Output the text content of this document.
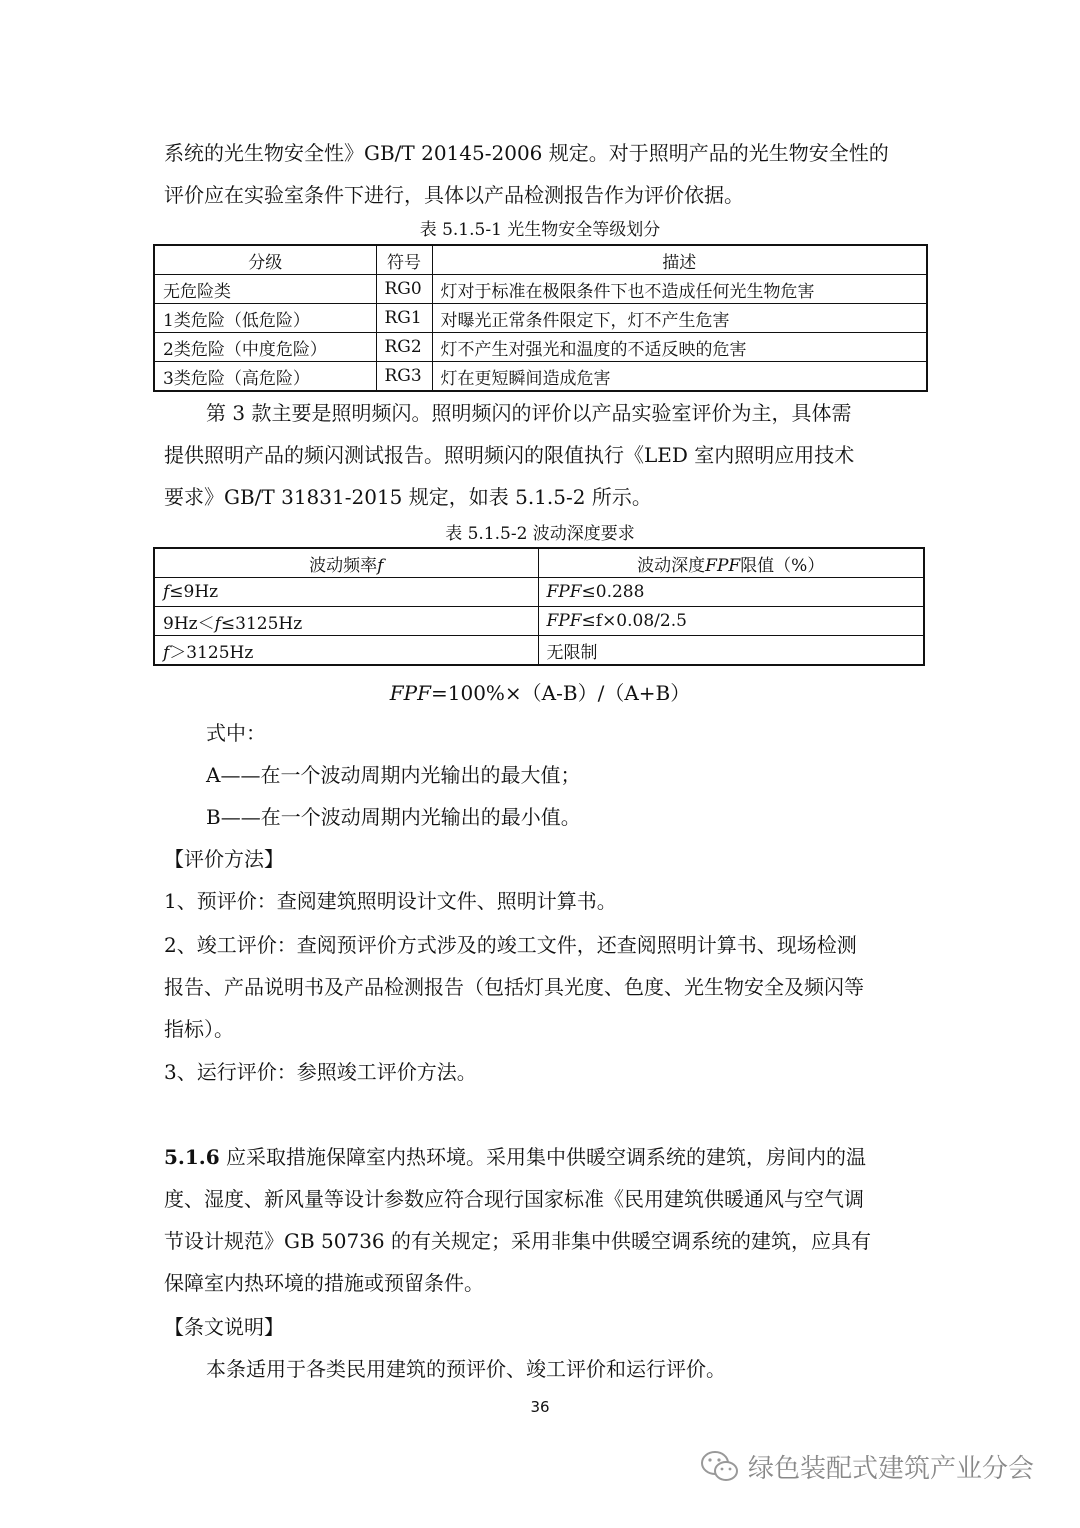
系统的光生物安全性》GB/T 20145-2006 规定。对于照明产品的光生物安全性的

评价应在实验室条件下进行，具体以产品检测报告作为评价依据。

表 5.1.5-1 光生物安全等级划分
分级	符号	描述
无危险类	RG0	灯对于标准在极限条件下也不造成任何光生物危害
1类危险（低危险）	RG1	对曝光正常条件限定下，灯不产生危害
2类危险（中度危险）	RG2	灯不产生对强光和温度的不适反映的危害
3类危险（高危险）	RG3	灯在更短瞬间造成危害

第 3 款主要是照明频闪。照明频闪的评价以产品实验室评价为主，具体需

提供照明产品的频闪测试报告。照明频闪的限值执行《LED 室内照明应用技术

要求》GB/T 31831-2015 规定，如表 5.1.5-2 所示。

表 5.1.5-2 波动深度要求
波动频率f	波动深度FPF限值（%）
f≤9Hz	FPF≤0.288
9Hz＜f≤3125Hz	FPF≤f×0.08/2.5
f＞3125Hz	无限制
FPF=100%×（A-B）/（A+B）

式中：

A——在一个波动周期内光输出的最大值；

B——在一个波动周期内光输出的最小值。

【评价方法】

1、预评价：查阅建筑照明设计文件、照明计算书。

2、竣工评价：查阅预评价方式涉及的竣工文件，还查阅照明计算书、现场检测

报告、产品说明书及产品检测报告（包括灯具光度、色度、光生物安全及频闪等

指标）。

3、运行评价：参照竣工评价方法。

5.1.6 应采取措施保障室内热环境。采用集中供暖空调系统的建筑，房间内的温

度、湿度、新风量等设计参数应符合现行国家标准《民用建筑供暖通风与空气调

节设计规范》GB 50736 的有关规定；采用非集中供暖空调系统的建筑，应具有

保障室内热环境的措施或预留条件。

【条文说明】

本条适用于各类民用建筑的预评价、竣工评价和运行评价。

36
绿色装配式建筑产业分会
